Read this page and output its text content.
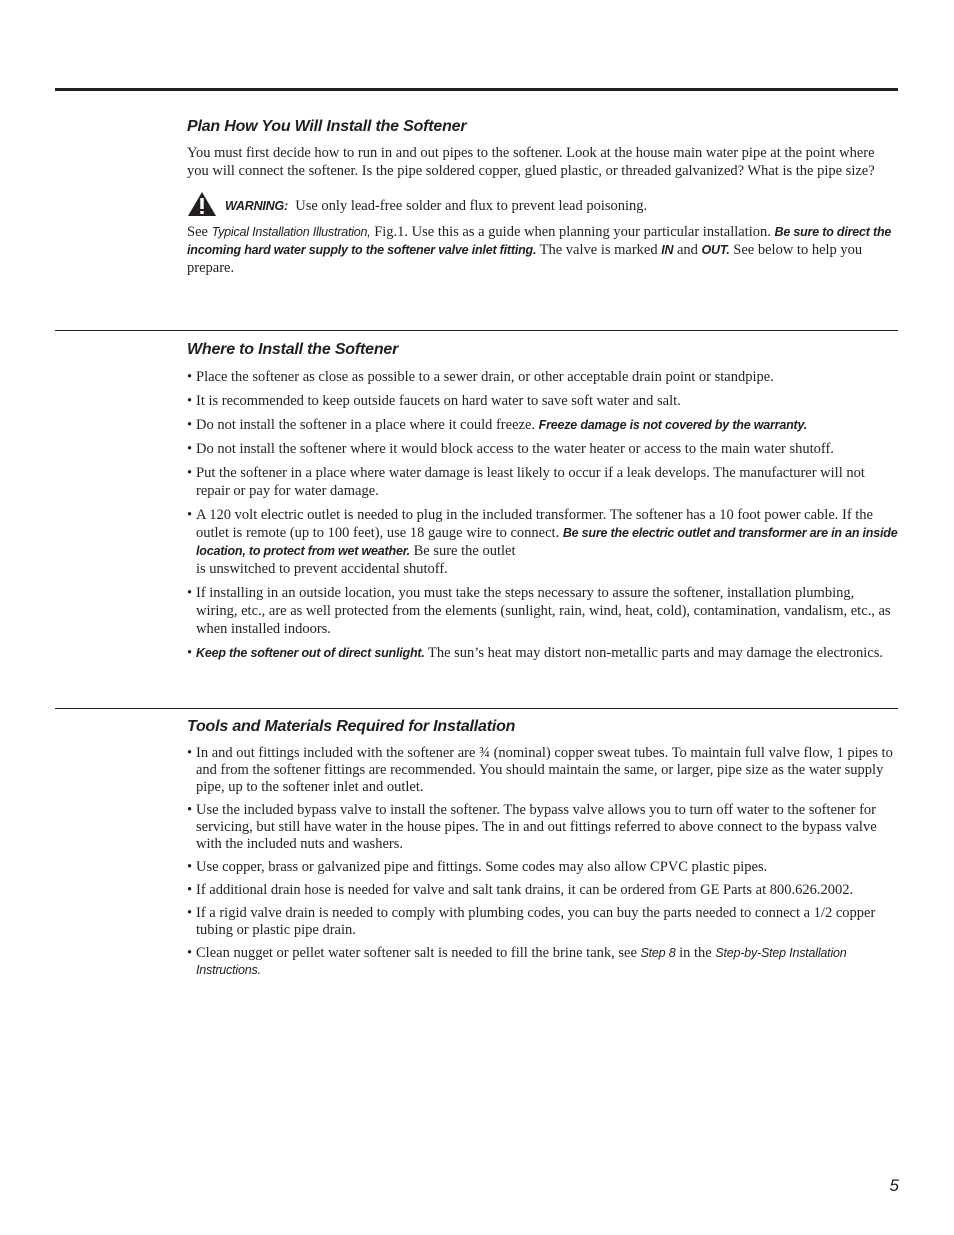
Plan How You Will Install the Softener

You must first decide how to run in and out pipes to the softener. Look at the house main water pipe at the point where you will connect the softener. Is the pipe soldered copper, glued plastic, or threaded galvanized? What is the pipe size?

WARNING: Use only lead-free solder and flux to prevent lead poisoning.

See Typical Installation Illustration, Fig.1. Use this as a guide when planning your particular installation. Be sure to direct the incoming hard water supply to the softener valve inlet fitting. The valve is marked IN and OUT. See below to help you prepare.

Where to Install the Softener
• Place the softener as close as possible to a sewer drain, or other acceptable drain point or standpipe.
• It is recommended to keep outside faucets on hard water to save soft water and salt.
• Do not install the softener in a place where it could freeze. Freeze damage is not covered by the warranty.
• Do not install the softener where it would block access to the water heater or access to the main water shutoff.
• Put the softener in a place where water damage is least likely to occur if a leak develops. The manufacturer will not repair or pay for water damage.
• A 120 volt electric outlet is needed to plug in the included transformer. The softener has a 10 foot power cable. If the outlet is remote (up to 100 feet), use 18 gauge wire to connect. Be sure the electric outlet and transformer are in an inside location, to protect from wet weather. Be sure the outlet
is unswitched to prevent accidental shutoff.
• If installing in an outside location, you must take the steps necessary to assure the softener, installation plumbing, wiring, etc., are as well protected from the elements (sunlight, rain, wind, heat, cold), contamination, vandalism, etc., as when installed indoors.
• Keep the softener out of direct sunlight. The sun’s heat may distort non-metallic parts and may damage the electronics.
Tools and Materials Required for Installation
• In and out fittings included with the softener are ¾ (nominal) copper sweat tubes. To maintain full valve flow, 1 pipes to and from the softener fittings are recommended. You should maintain the same, or larger, pipe size as the water supply pipe, up to the softener inlet and outlet.
• Use the included bypass valve to install the softener. The bypass valve allows you to turn off water to the softener for servicing, but still have water in the house pipes. The in and out fittings referred to above connect to the bypass valve with the included nuts and washers.
• Use copper, brass or galvanized pipe and fittings. Some codes may also allow CPVC plastic pipes.
• If additional drain hose is needed for valve and salt tank drains, it can be ordered from GE Parts at 800.626.2002.
• If a rigid valve drain is needed to comply with plumbing codes, you can buy the parts needed to connect a 1/2 copper tubing or plastic pipe drain.
• Clean nugget or pellet water softener salt is needed to fill the brine tank, see Step 8 in the Step-by-Step Installation Instructions.
5
